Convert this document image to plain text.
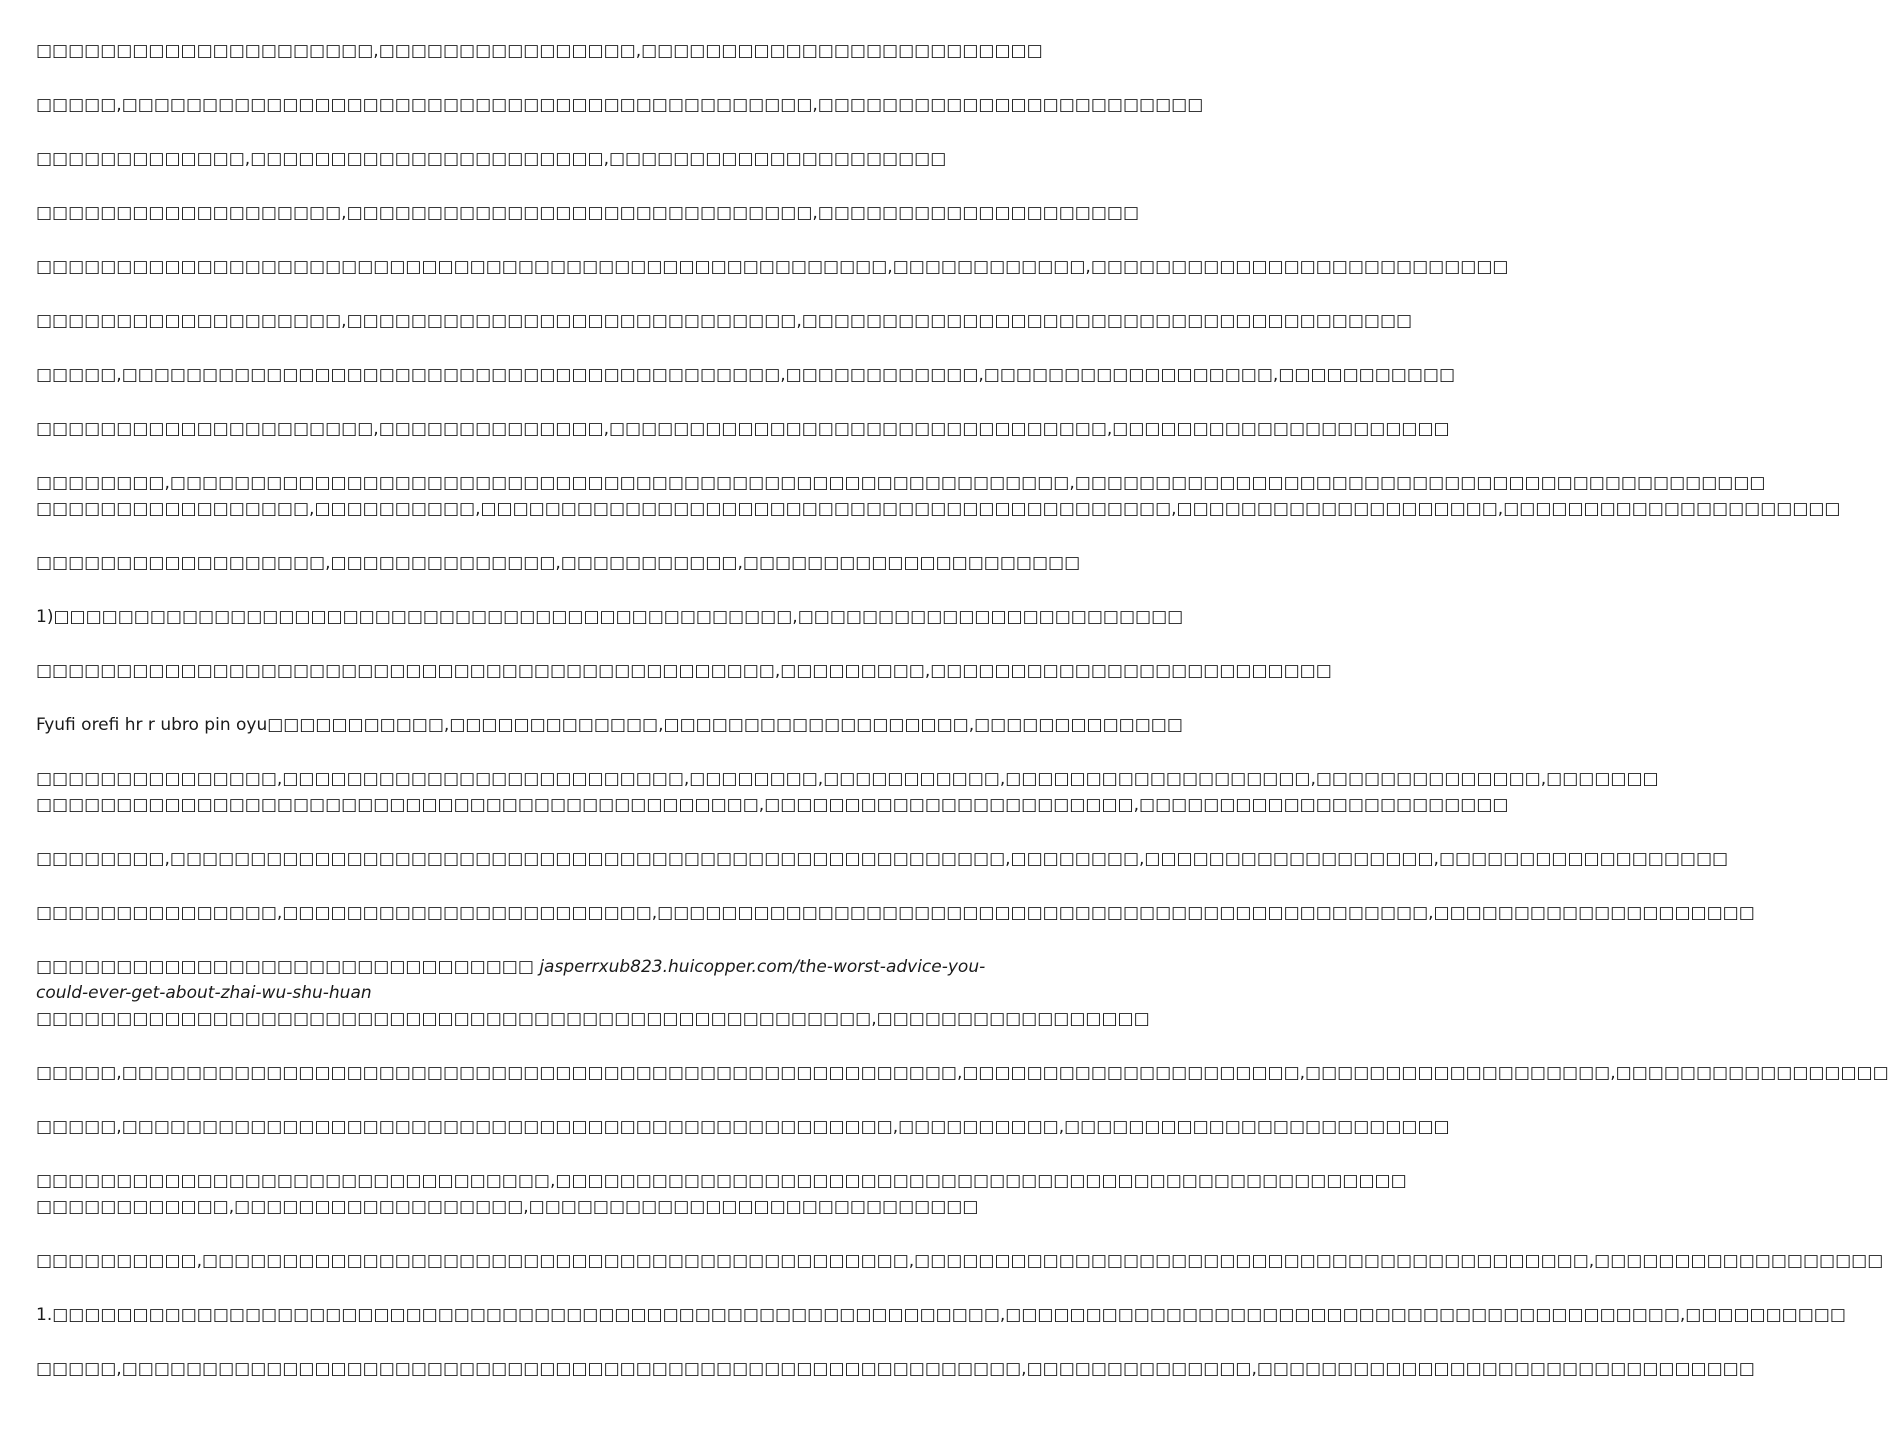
□□□□□□□□□□□□□□□□□□□□□,□□□□□□□□□□□□□□□□,□□□□□□□□□□□□□□□□□□□□□□□□□

□□□□□,□□□□□□□□□□□□□□□□□□□□□□□□□□□□□□□□□□□□□□□□□□□,□□□□□□□□□□□□□□□□□□□□□□□□

□□□□□□□□□□□□□,□□□□□□□□□□□□□□□□□□□□□□,□□□□□□□□□□□□□□□□□□□□□

□□□□□□□□□□□□□□□□□□□,□□□□□□□□□□□□□□□□□□□□□□□□□□□□□,□□□□□□□□□□□□□□□□□□□□

□□□□□□□□□□□□□□□□□□□□□□□□□□□□□□□□□□□□□□□□□□□□□□□□□□□□□,□□□□□□□□□□□□,□□□□□□□□□□□□□□□□□□□□□□□□□□

□□□□□□□□□□□□□□□□□□□,□□□□□□□□□□□□□□□□□□□□□□□□□□□□,□□□□□□□□□□□□□□□□□□□□□□□□□□□□□□□□□□□□□□

□□□□□,□□□□□□□□□□□□□□□□□□□□□□□□□□□□□□□□□□□□□□□□□,□□□□□□□□□□□□,□□□□□□□□□□□□□□□□□□,□□□□□□□□□□□

□□□□□□□□□□□□□□□□□□□□□,□□□□□□□□□□□□□□,□□□□□□□□□□□□□□□□□□□□□□□□□□□□□□□,□□□□□□□□□□□□□□□□□□□□□

□□□□□□□□,□□□□□□□□□□□□□□□□□□□□□□□□□□□□□□□□□□□□□□□□□□□□□□□□□□□□□□□□,□□□□□□□□□□□□□□□□□□□□□□□□□□□□□□□□□□□□□□□□□□□
□□□□□□□□□□□□□□□□□,□□□□□□□□□□,□□□□□□□□□□□□□□□□□□□□□□□□□□□□□□□□□□□□□□□□□□□,□□□□□□□□□□□□□□□□□□□□,□□□□□□□□□□□□□□□□□□□□□

□□□□□□□□□□□□□□□□□□,□□□□□□□□□□□□□□,□□□□□□□□□□□,□□□□□□□□□□□□□□□□□□□□□

1)□□□□□□□□□□□□□□□□□□□□□□□□□□□□□□□□□□□□□□□□□□□□□□,□□□□□□□□□□□□□□□□□□□□□□□□

□□□□□□□□□□□□□□□□□□□□□□□□□□□□□□□□□□□□□□□□□□□□□□,□□□□□□□□□,□□□□□□□□□□□□□□□□□□□□□□□□□

Fyufi orefi hr r ubro pin oyu□□□□□□□□□□□,□□□□□□□□□□□□□,□□□□□□□□□□□□□□□□□□□,□□□□□□□□□□□□□

□□□□□□□□□□□□□□□,□□□□□□□□□□□□□□□□□□□□□□□□□,□□□□□□□□,□□□□□□□□□□□,□□□□□□□□□□□□□□□□□□□,□□□□□□□□□□□□□□,□□□□□□□
□□□□□□□□□□□□□□□□□□□□□□□□□□□□□□□□□□□□□□□□□□□□□,□□□□□□□□□□□□□□□□□□□□□□□,□□□□□□□□□□□□□□□□□□□□□□□

□□□□□□□□,□□□□□□□□□□□□□□□□□□□□□□□□□□□□□□□□□□□□□□□□□□□□□□□□□□□□,□□□□□□□□,□□□□□□□□□□□□□□□□□□,□□□□□□□□□□□□□□□□□□

□□□□□□□□□□□□□□□,□□□□□□□□□□□□□□□□□□□□□□□,□□□□□□□□□□□□□□□□□□□□□□□□□□□□□□□□□□□□□□□□□□□□□□□□,□□□□□□□□□□□□□□□□□□□□

□□□□□□□□□□□□□□□□□□□□□□□□□□□□□□□ jasperrxub823.huicopper.com/the-worst-advice-you-could-ever-get-about-zhai-wu-shu-huan □□□□□□□□□□□□□□□□□□□□□□□□□□□□□□□□□□□□□□□□□□□□□□□□□□□□,□□□□□□□□□□□□□□□□□

□□□□□,□□□□□□□□□□□□□□□□□□□□□□□□□□□□□□□□□□□□□□□□□□□□□□□□□□□□,□□□□□□□□□□□□□□□□□□□□□,□□□□□□□□□□□□□□□□□□□,□□□□□□□□□□□□□□□□□

□□□□□,□□□□□□□□□□□□□□□□□□□□□□□□□□□□□□□□□□□□□□□□□□□□□□□□,□□□□□□□□□□,□□□□□□□□□□□□□□□□□□□□□□□□

□□□□□□□□□□□□□□□□□□□□□□□□□□□□□□□□,□□□□□□□□□□□□□□□□□□□□□□□□□□□□□□□□□□□□□□□□□□□□□□□□□□□□□
□□□□□□□□□□□□,□□□□□□□□□□□□□□□□□□,□□□□□□□□□□□□□□□□□□□□□□□□□□□□

□□□□□□□□□□,□□□□□□□□□□□□□□□□□□□□□□□□□□□□□□□□□□□□□□□□□□□□,□□□□□□□□□□□□□□□□□□□□□□□□□□□□□□□□□□□□□□□□□□,□□□□□□□□□□□□□□□□□□

1.□□□□□□□□□□□□□□□□□□□□□□□□□□□□□□□□□□□□□□□□□□□□□□□□□□□□□□□□□□□,□□□□□□□□□□□□□□□□□□□□□□□□□□□□□□□□□□□□□□□□□□,□□□□□□□□□□

□□□□□,□□□□□□□□□□□□□□□□□□□□□□□□□□□□□□□□□□□□□□□□□□□□□□□□□□□□□□□□,□□□□□□□□□□□□□□,□□□□□□□□□□□□□□□□□□□□□□□□□□□□□□□
